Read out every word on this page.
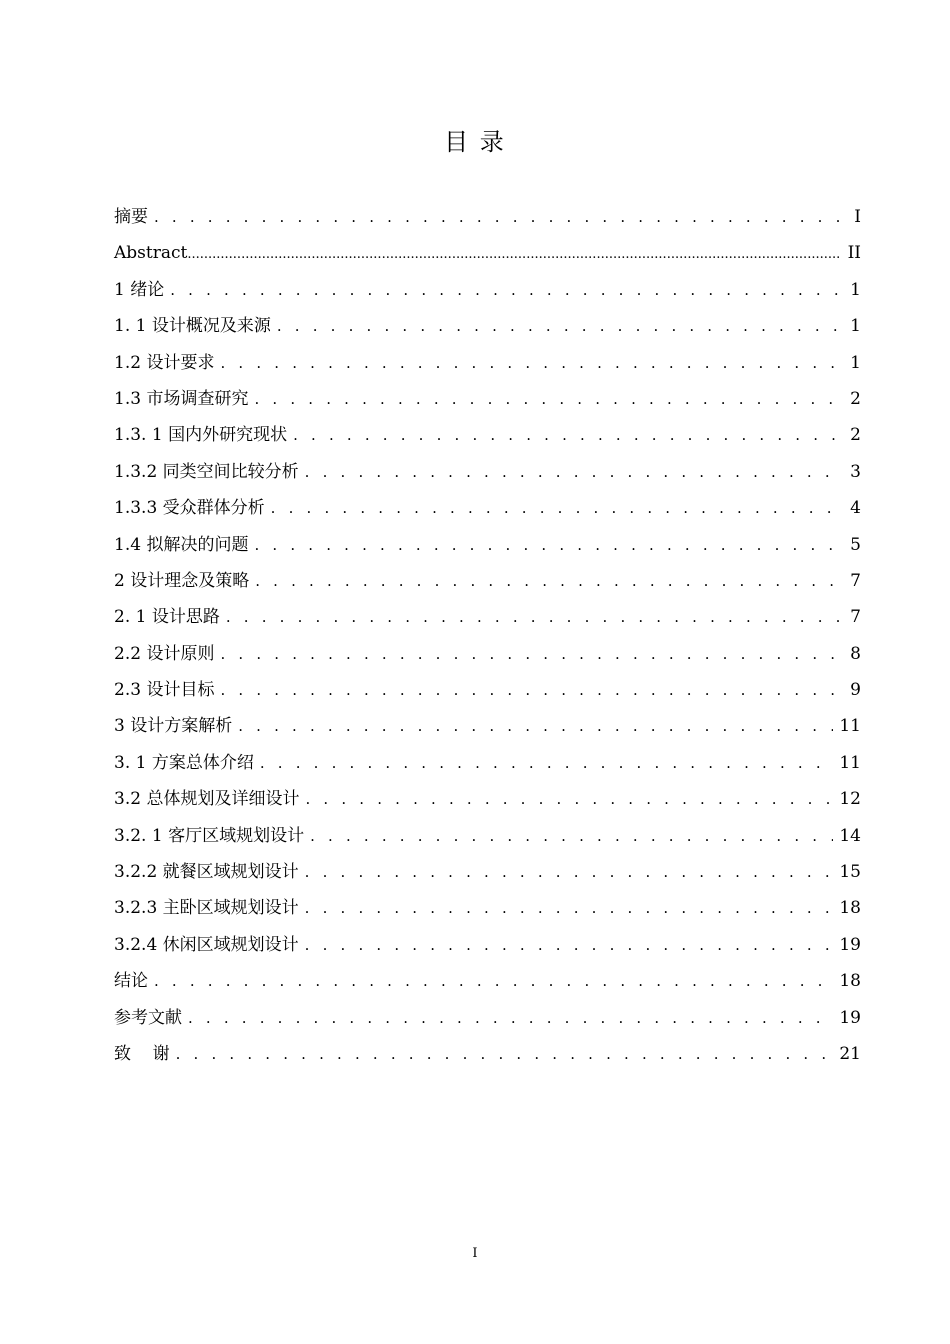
目 录
摘要 . . .	I
Abstract .....	II
1 绪论 . . .	1
1. 1 设计概况及来源 . . .	1
1.2 设计要求 . . .	1
1.3 市场调查研究 . . .	2
1.3. 1 国内外研究现状 . . .	2
1.3.2 同类空间比较分析 . . .	3
1.3.3 受众群体分析 . . .	4
1.4 拟解决的问题 . . .	5
2 设计理念及策略 . . .	7
2. 1 设计思路 . . .	7
2.2 设计原则 . . .	8
2.3 设计目标 . . .	9
3 设计方案解析 . . .	11
3. 1 方案总体介绍 . . .	11
3.2 总体规划及详细设计 . . .	12
3.2. 1 客厅区域规划设计 . . .	14
3.2.2 就餐区域规划设计 . . .	15
3.2.3 主卧区域规划设计 . . .	18
3.2.4 休闲区域规划设计 . . .	19
结论 . . .	18
参考文献 . . .	19
致    谢 . . .	21
I
